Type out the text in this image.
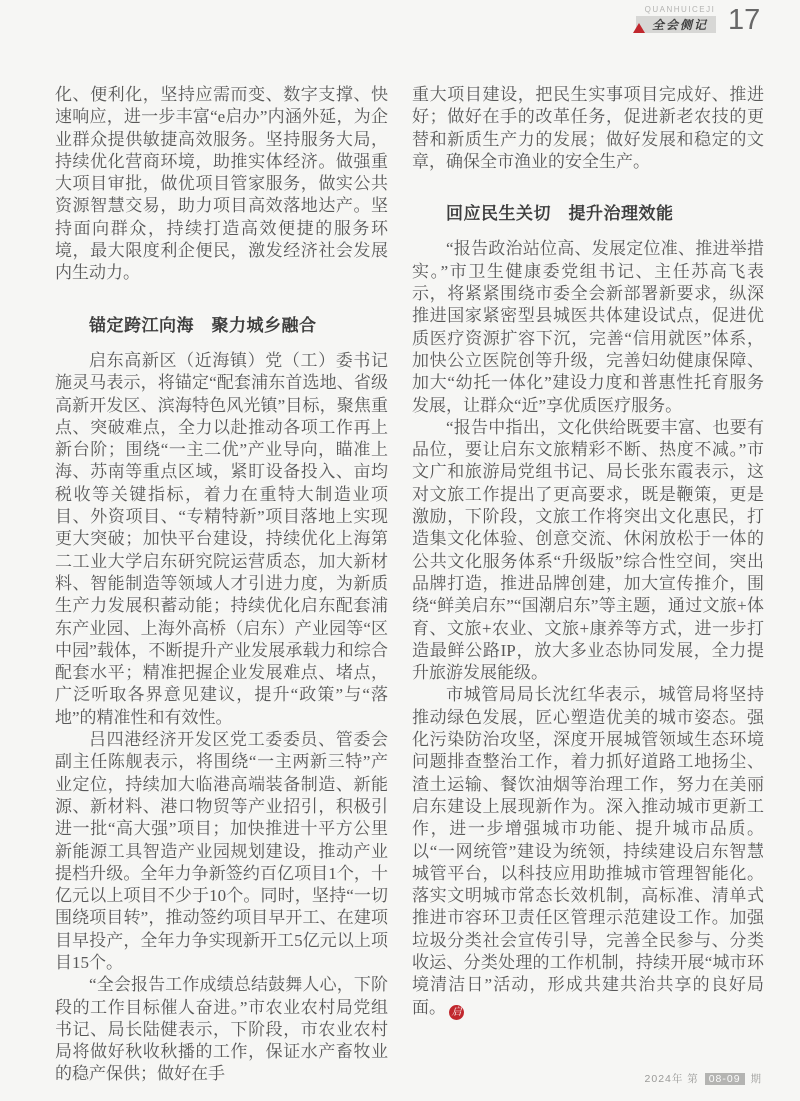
QUANHUICEJI
全会侧记 17

化、便利化，坚持应需而变、数字支撑、快速响应，进一步丰富“e启办”内涵外延，为企业群众提供敏捷高效服务。坚持服务大局，持续优化营商环境，助推实体经济。做强重大项目审批，做优项目管家服务，做实公共资源智慧交易，助力项目高效落地达产。坚持面向群众，持续打造高效便捷的服务环境，最大限度利企便民，激发经济社会发展内生动力。

锚定跨江向海　聚力城乡融合

启东高新区（近海镇）党（工）委书记施灵马表示，将锚定“配套浦东首选地、省级高新开发区、滨海特色风光镇”目标，聚焦重点、突破难点，全力以赴推动各项工作再上新台阶；围绕“一主二优”产业导向，瞄准上海、苏南等重点区域，紧盯设备投入、亩均税收等关键指标，着力在重特大制造业项目、外资项目、“专精特新”项目落地上实现更大突破；加快平台建设，持续优化上海第二工业大学启东研究院运营质态，加大新材料、智能制造等领域人才引进力度，为新质生产力发展积蓄动能；持续优化启东配套浦东产业园、上海外高桥（启东）产业园等“区中园”载体，不断提升产业发展承载力和综合配套水平；精准把握企业发展难点、堵点，广泛听取各界意见建议，提升“政策”与“落地”的精准性和有效性。

吕四港经济开发区党工委委员、管委会副主任陈舰表示，将围绕“一主两新三特”产业定位，持续加大临港高端装备制造、新能源、新材料、港口物贸等产业招引，积极引进一批“高大强”项目；加快推进十平方公里新能源工具智造产业园规划建设，推动产业提档升级。全年力争新签约百亿项目1个，十亿元以上项目不少于10个。同时，坚持“一切围绕项目转”，推动签约项目早开工、在建项目早投产，全年力争实现新开工5亿元以上项目15个。

“全会报告工作成绩总结鼓舞人心，下阶段的工作目标催人奋进。”市农业农村局党组书记、局长陆健表示，下阶段，市农业农村局将做好秋收秋播的工作，保证水产畜牧业的稳产保供；做好在手

重大项目建设，把民生实事项目完成好、推进好；做好在手的改革任务，促进新老农技的更替和新质生产力的发展；做好发展和稳定的文章，确保全市渔业的安全生产。

回应民生关切　提升治理效能

“报告政治站位高、发展定位准、推进举措实。”市卫生健康委党组书记、主任苏高飞表示，将紧紧围绕市委全会新部署新要求，纵深推进国家紧密型县城医共体建设试点，促进优质医疗资源扩容下沉，完善“信用就医”体系，加快公立医院创等升级，完善妇幼健康保障、加大“幼托一体化”建设力度和普惠性托育服务发展，让群众“近”享优质医疗服务。

“报告中指出，文化供给既要丰富、也要有品位，要让启东文旅精彩不断、热度不减。”市文广和旅游局党组书记、局长张东霞表示，这对文旅工作提出了更高要求，既是鞭策，更是激励，下阶段，文旅工作将突出文化惠民，打造集文化体验、创意交流、休闲放松于一体的公共文化服务体系“升级版”综合性空间，突出品牌打造，推进品牌创建，加大宣传推介，围绕“鲜美启东”“国潮启东”等主题，通过文旅+体育、文旅+农业、文旅+康养等方式，进一步打造最鲜公路IP，放大多业态协同发展，全力提升旅游发展能级。

市城管局局长沈红华表示，城管局将坚持推动绿色发展，匠心塑造优美的城市姿态。强化污染防治攻坚，深度开展城管领域生态环境问题排查整治工作，着力抓好道路工地扬尘、渣土运输、餐饮油烟等治理工作，努力在美丽启东建设上展现新作为。深入推动城市更新工作，进一步增强城市功能、提升城市品质。以“一网统管”建设为统领，持续建设启东智慧城管平台，以科技应用助推城市管理智能化。落实文明城市常态长效机制，高标准、清单式推进市容环卫责任区管理示范建设工作。加强垃圾分类社会宣传引导，完善全民参与、分类收运、分类处理的工作机制，持续开展“城市环境清洁日”活动，形成共建共治共享的良好局面。 启

2024年 第 08-09 期
